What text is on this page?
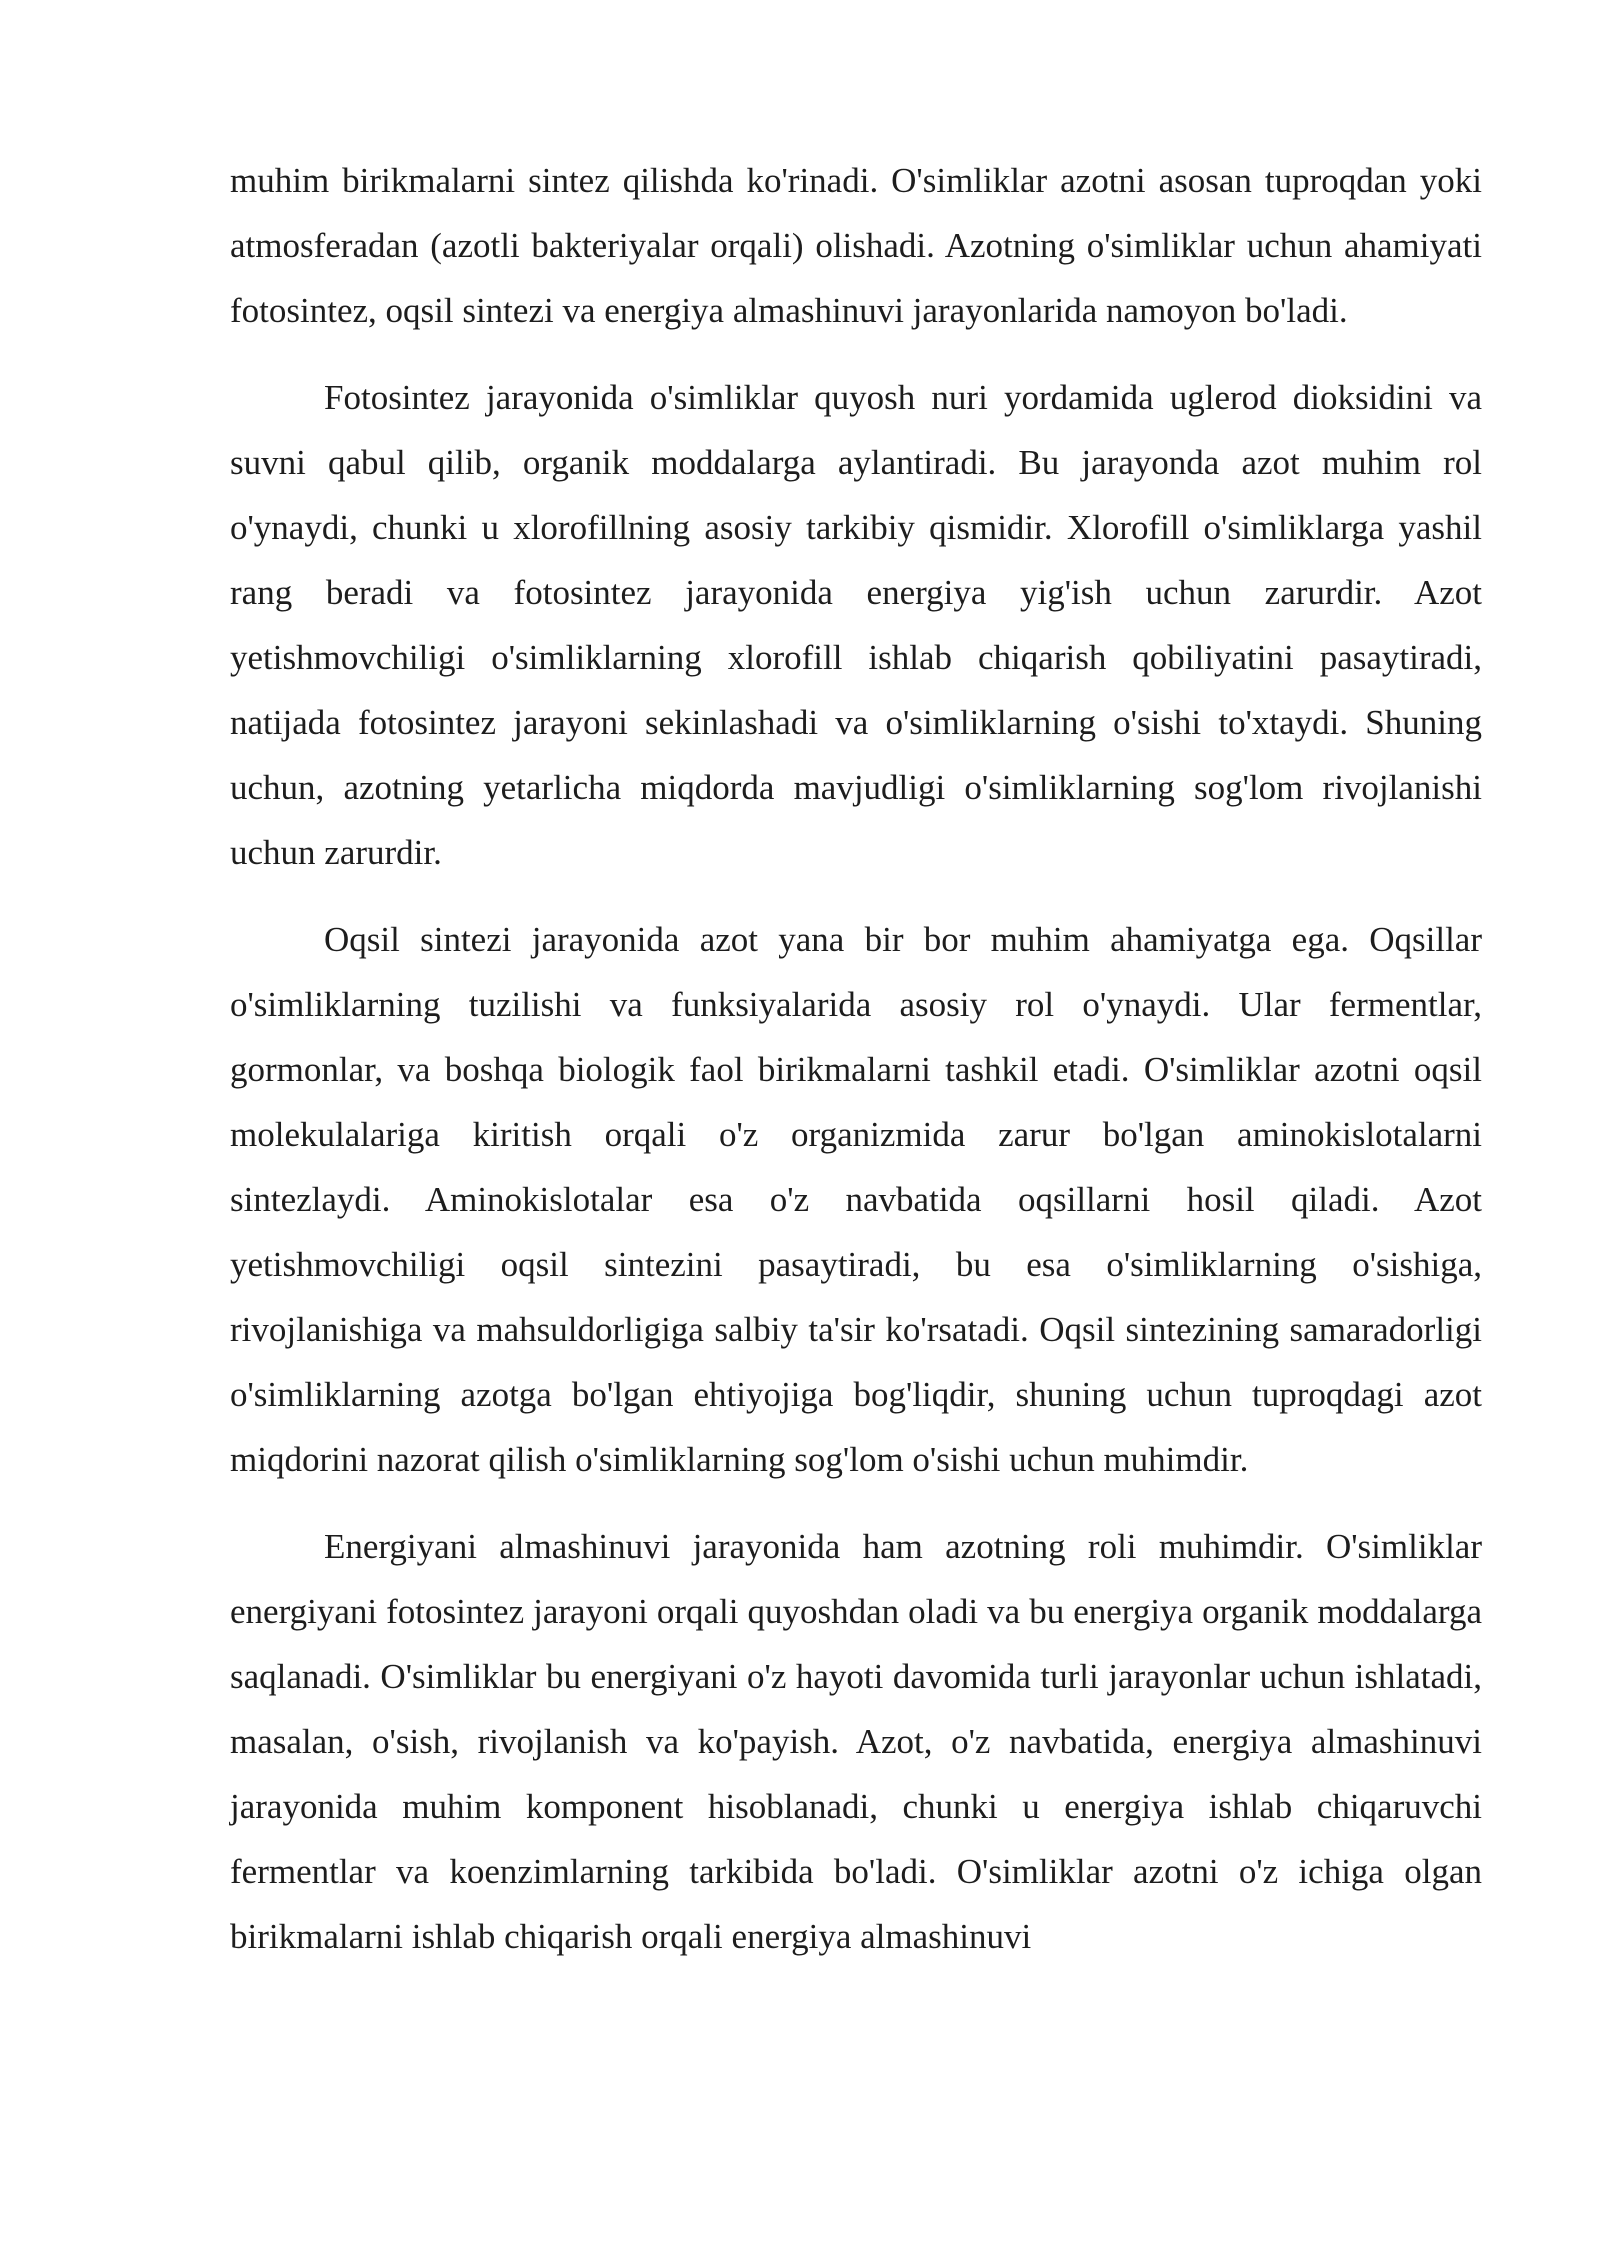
muhim birikmalarni sintez qilishda ko'rinadi. O'simliklar azotni asosan tuproqdan yoki atmosferadan (azotli bakteriyalar orqali) olishadi. Azotning o'simliklar uchun ahamiyati fotosintez, oqsil sintezi va energiya almashinuvi jarayonlarida namoyon bo'ladi.

Fotosintez jarayonida o'simliklar quyosh nuri yordamida uglerod dioksidini va suvni qabul qilib, organik moddalarga aylantiradi. Bu jarayonda azot muhim rol o'ynaydi, chunki u xlorofillning asosiy tarkibiy qismidir. Xlorofill o'simliklarga yashil rang beradi va fotosintez jarayonida energiya yig'ish uchun zarurdir. Azot yetishmovchiligi o'simliklarning xlorofill ishlab chiqarish qobiliyatini pasaytiradi, natijada fotosintez jarayoni sekinlashadi va o'simliklarning o'sishi to'xtaydi. Shuning uchun, azotning yetarlicha miqdorda mavjudligi o'simliklarning sog'lom rivojlanishi uchun zarurdir.

Oqsil sintezi jarayonida azot yana bir bor muhim ahamiyatga ega. Oqsillar o'simliklarning tuzilishi va funksiyalarida asosiy rol o'ynaydi. Ular fermentlar, gormonlar, va boshqa biologik faol birikmalarni tashkil etadi. O'simliklar azotni oqsil molekulalariga kiritish orqali o'z organizmida zarur bo'lgan aminokislotalarni sintezlaydi. Aminokislotalar esa o'z navbatida oqsillarni hosil qiladi. Azot yetishmovchiligi oqsil sintezini pasaytiradi, bu esa o'simliklarning o'sishiga, rivojlanishiga va mahsuldorligiga salbiy ta'sir ko'rsatadi. Oqsil sintezining samaradorligi o'simliklarning azotga bo'lgan ehtiyojiga bog'liqdir, shuning uchun tuproqdagi azot miqdorini nazorat qilish o'simliklarning sog'lom o'sishi uchun muhimdir.

Energiyani almashinuvi jarayonida ham azotning roli muhimdir. O'simliklar energiyani fotosintez jarayoni orqali quyoshdan oladi va bu energiya organik moddalarga saqlanadi. O'simliklar bu energiyani o'z hayoti davomida turli jarayonlar uchun ishlatadi, masalan, o'sish, rivojlanish va ko'payish. Azot, o'z navbatida, energiya almashinuvi jarayonida muhim komponent hisoblanadi, chunki u energiya ishlab chiqaruvchi fermentlar va koenzimlarning tarkibida bo'ladi. O'simliklar azotni o'z ichiga olgan birikmalarni ishlab chiqarish orqali energiya almashinuvi
